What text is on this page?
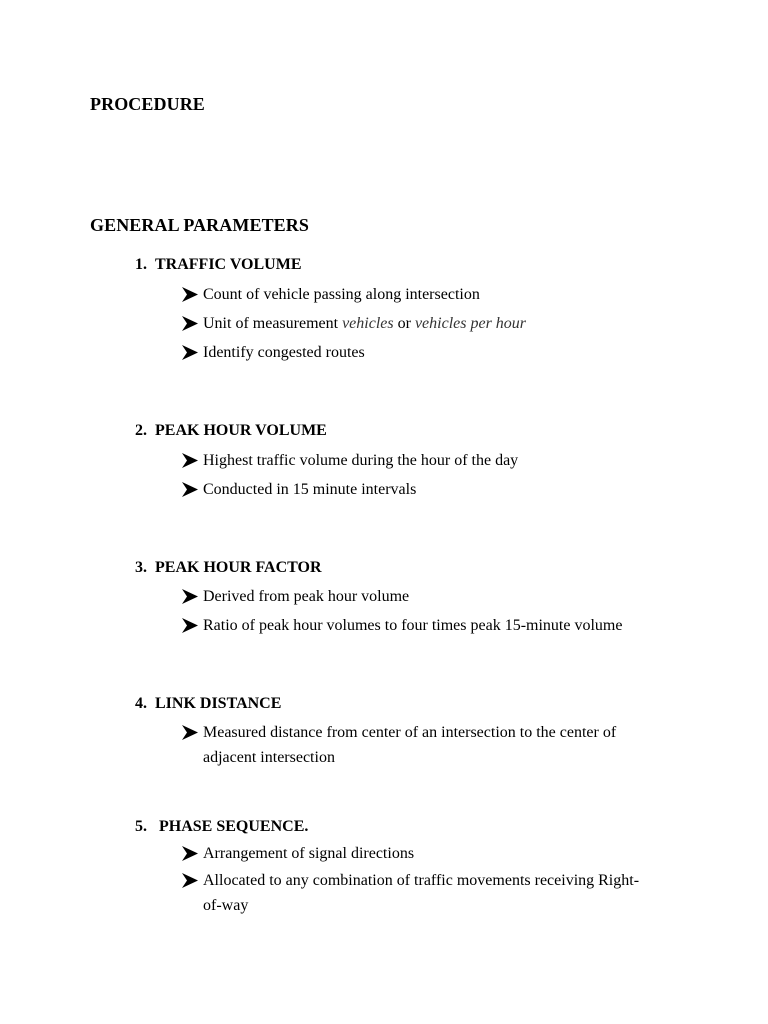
PROCEDURE
GENERAL PARAMETERS

1. TRAFFIC VOLUME

Count of vehicle passing along intersection
Unit of measurement vehicles or vehicles per hour
Identify congested routes

2. PEAK HOUR VOLUME

Highest traffic volume during the hour of the day
Conducted in 15 minute intervals

3. PEAK HOUR FACTOR

Derived from peak hour volume
Ratio of peak hour volumes to four times peak 15-minute volume

4. LINK DISTANCE

Measured distance from center of an intersection to the center of adjacent intersection

5. PHASE SEQUENCE.

Arrangement of signal directions
Allocated to any combination of traffic movements receiving Right-of-way
